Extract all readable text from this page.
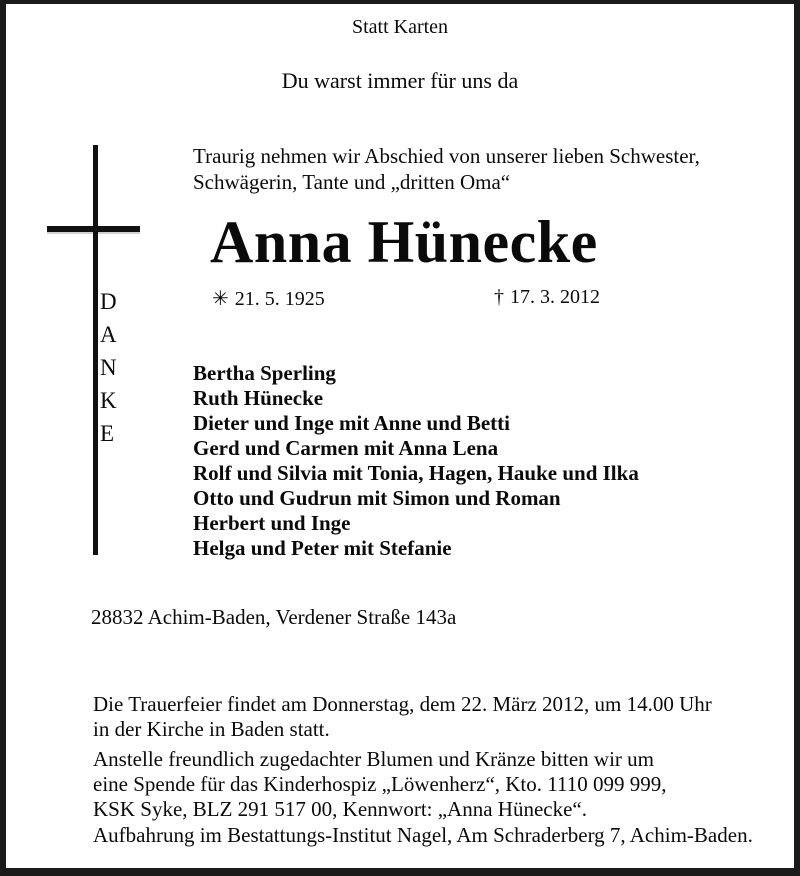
Statt Karten
Du warst immer für uns da
D
A
N
K
E
Traurig nehmen wir Abschied von unserer lieben Schwester,
Schwägerin, Tante und „dritten Oma“
Anna Hünecke
✳︎ 21. 5. 1925	† 17. 3. 2012
Bertha Sperling
Ruth Hünecke
Dieter und Inge mit Anne und Betti
Gerd und Carmen mit Anna Lena
Rolf und Silvia mit Tonia, Hagen, Hauke und Ilka
Otto und Gudrun mit Simon und Roman
Herbert und Inge
Helga und Peter mit Stefanie
28832 Achim-Baden, Verdener Straße 143a
Die Trauerfeier findet am Donnerstag, dem 22. März 2012, um 14.00 Uhr
in der Kirche in Baden statt.
Anstelle freundlich zugedachter Blumen und Kränze bitten wir um
eine Spende für das Kinderhospiz „Löwenherz“, Kto. 1110 099 999,
KSK Syke, BLZ 291 517 00, Kennwort: „Anna Hünecke“.
Aufbahrung im Bestattungs-Institut Nagel, Am Schraderberg 7, Achim-Baden.
